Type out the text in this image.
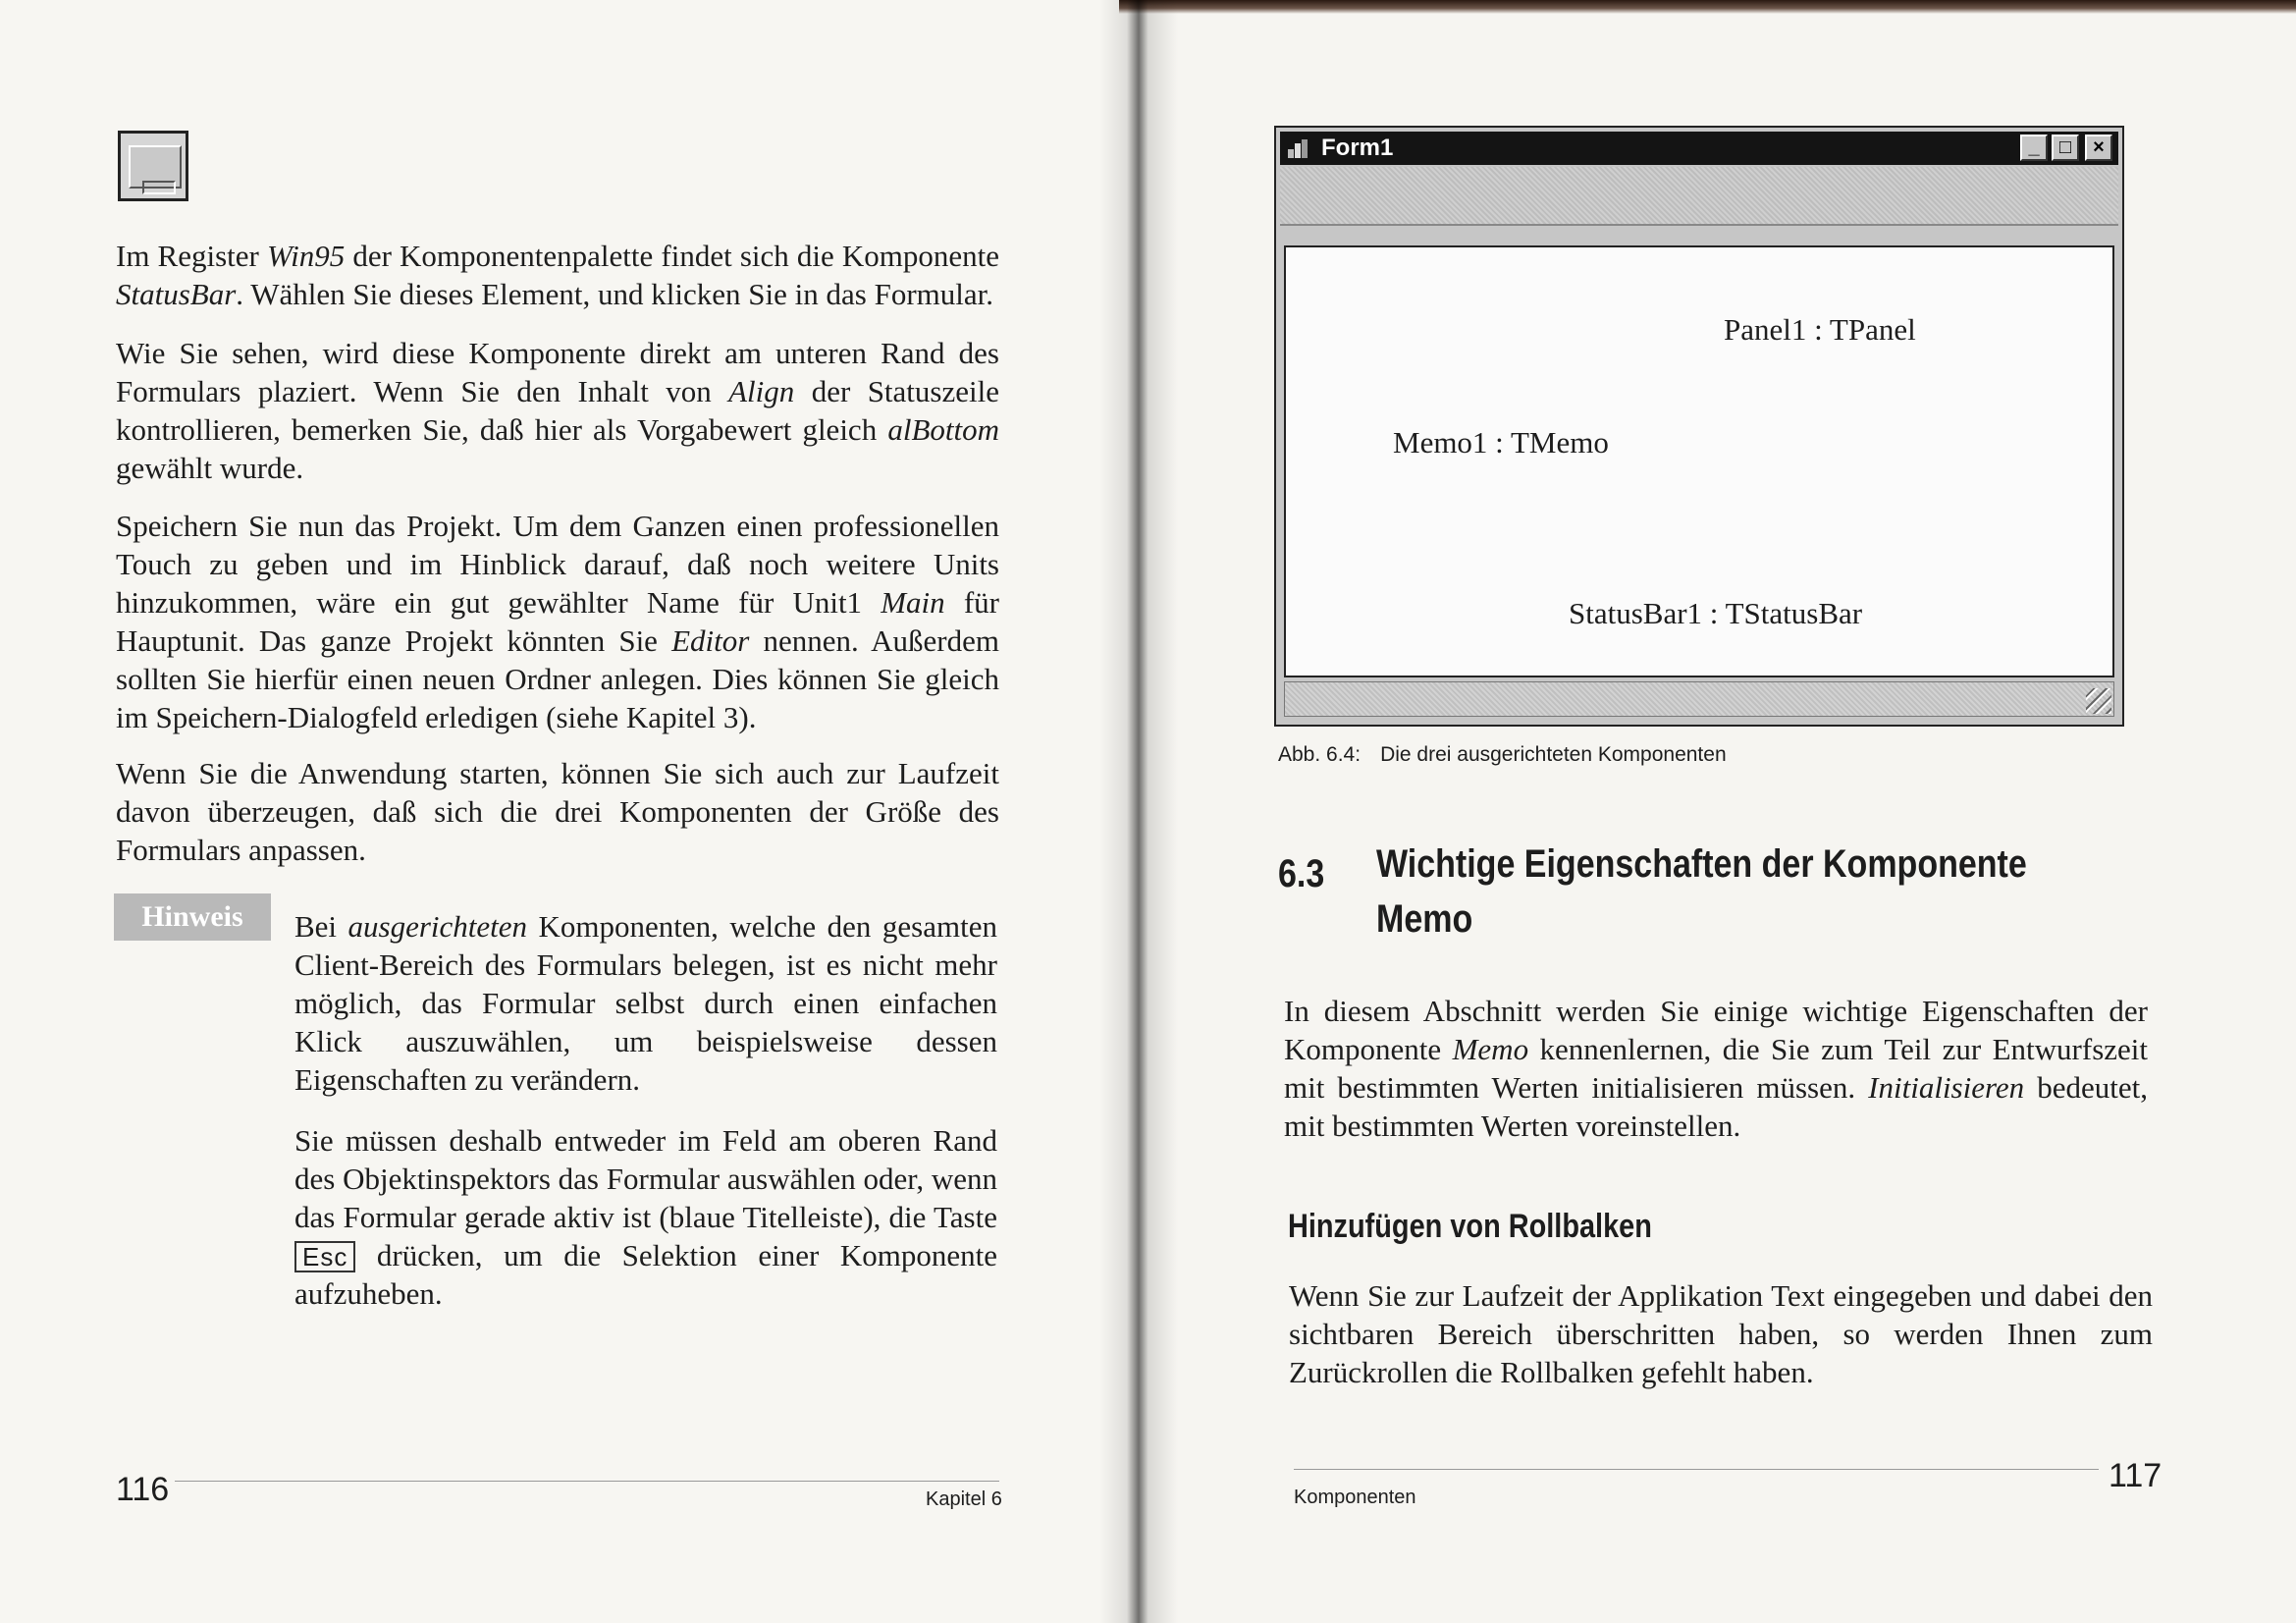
Im Register Win95 der Komponentenpalette findet sich die Komponente StatusBar. Wählen Sie dieses Element, und klicken Sie in das Formular.

Wie Sie sehen, wird diese Komponente direkt am unteren Rand des Formulars plaziert. Wenn Sie den Inhalt von Align der Statuszeile kontrollieren, bemerken Sie, daß hier als Vorgabewert gleich alBottom gewählt wurde.

Speichern Sie nun das Projekt. Um dem Ganzen einen professionellen Touch zu geben und im Hinblick darauf, daß noch weitere Units hinzukommen, wäre ein gut gewählter Name für Unit1 Main für Hauptunit. Das ganze Projekt könnten Sie Editor nennen. Außerdem sollten Sie hierfür einen neuen Ordner anlegen. Dies können Sie gleich im Speichern-Dialogfeld erledigen (siehe Kapitel 3).

Wenn Sie die Anwendung starten, können Sie sich auch zur Laufzeit davon überzeugen, daß sich die drei Komponenten der Größe des Formulars anpassen.

Hinweis	Bei ausgerichteten Komponenten, welche den gesamten Client-Bereich des Formulars belegen, ist es nicht mehr möglich, das Formular selbst durch einen einfachen Klick auszuwählen, um beispielsweise dessen Eigenschaften zu verändern.

Sie müssen deshalb entweder im Feld am oberen Rand des Objektinspektors das Formular auswählen oder, wenn das Formular gerade aktiv ist (blaue Titelleiste), die Taste Esc drücken, um die Selektion einer Komponente aufzuheben.

116	Kapitel 6
Form1	_	□	×
Panel1 : TPanel
Memo1 : TMemo
StatusBar1 : TStatusBar
Abb. 6.4: Die drei ausgerichteten Komponenten
6.3 Wichtige Eigenschaften der Komponente
Memo

In diesem Abschnitt werden Sie einige wichtige Eigenschaften der Komponente Memo kennenlernen, die Sie zum Teil zur Entwurfszeit mit bestimmten Werten initialisieren müssen. Initialisieren bedeutet, mit bestimmten Werten voreinstellen.

Hinzufügen von Rollbalken

Wenn Sie zur Laufzeit der Applikation Text eingegeben und dabei den sichtbaren Bereich überschritten haben, so werden Ihnen zum Zurückrollen die Rollbalken gefehlt haben.

Komponenten
117
